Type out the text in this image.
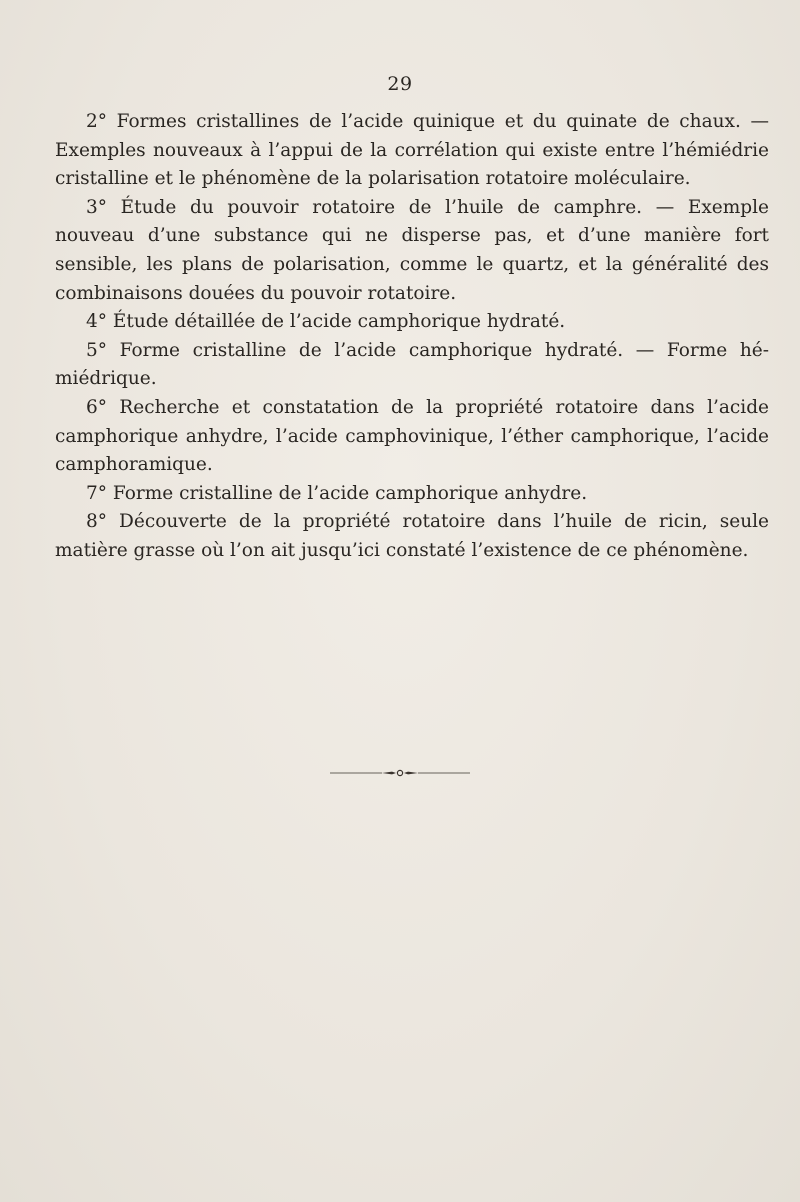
29

2° Formes cristallines de l’acide quinique et du quinate de chaux. — Exemples nouveaux à l’appui de la corrélation qui existe entre l’hémiédrie cristalline et le phénomène de la polarisation rotatoire moléculaire.

3° Étude du pouvoir rotatoire de l’huile de camphre. — Exemple nouveau d’une substance qui ne disperse pas, et d’une manière fort sensible, les plans de polarisation, comme le quartz, et la généralité des combinaisons douées du pouvoir rotatoire.

4° Étude détaillée de l’acide camphorique hydraté.

5° Forme cristalline de l’acide camphorique hydraté. — Forme hémiédrique.

6° Recherche et constatation de la propriété rotatoire dans l’acide camphorique anhydre, l’acide camphovinique, l’éther camphorique, l’acide camphoramique.

7° Forme cristalline de l’acide camphorique anhydre.

8° Découverte de la propriété rotatoire dans l’huile de ricin, seule matière grasse où l’on ait jusqu’ici constaté l’existence de ce phénomène.
